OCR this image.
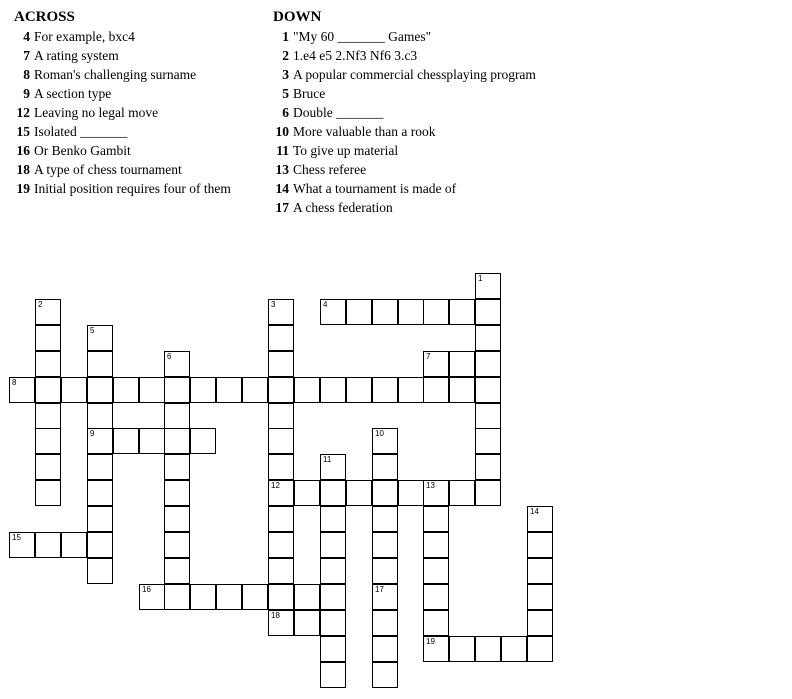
ACROSS
4 For example, bxc4
7 A rating system
8 Roman's challenging surname
9 A section type
12 Leaving no legal move
15 Isolated _______
16 Or Benko Gambit
18 A type of chess tournament
19 Initial position requires four of them
DOWN
1 "My 60 _______ Games"
2 1.e4 e5 2.Nf3 Nf6 3.c3
3 A popular commercial chessplaying program
5 Bruce
6 Double _______
10 More valuable than a rook
11 To give up material
13 Chess referee
14 What a tournament is made of
17 A chess federation
1
2	3
12
4
5
9
6	7
8
10
11
13
19
14
15
16	17
18
